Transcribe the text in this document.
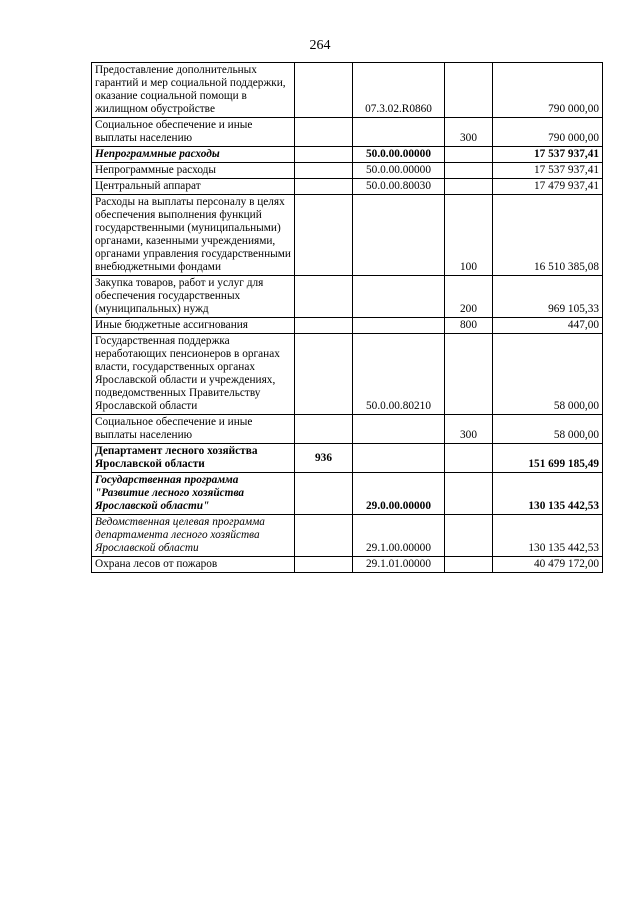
264
Предоставление дополнительных гарантий и мер социальной поддержки, оказание социальной помощи в жилищном обустройстве		07.3.02.R0860		790 000,00
Социальное обеспечение и иные выплаты населению			300	790 000,00
Непрограммные расходы		50.0.00.00000		17 537 937,41
Непрограммные расходы		50.0.00.00000		17 537 937,41
Центральный аппарат		50.0.00.80030		17 479 937,41
Расходы на выплаты персоналу в целях обеспечения выполнения функций государственными (муниципальными) органами, казенными учреждениями, органами управления государственными внебюджетными фондами			100	16 510 385,08
Закупка товаров, работ и услуг для обеспечения государственных (муниципальных) нужд			200	969 105,33
Иные бюджетные ассигнования			800	447,00
Государственная поддержка неработающих пенсионеров в органах власти, государственных органах Ярославской области и учреждениях, подведомственных Правительству Ярославской области		50.0.00.80210		58 000,00
Социальное обеспечение и иные выплаты населению			300	58 000,00
Департамент лесного хозяйства Ярославской области	936			151 699 185,49
Государственная программа "Развитие лесного хозяйства Ярославской области"		29.0.00.00000		130 135 442,53
Ведомственная целевая программа департамента лесного хозяйства Ярославской области		29.1.00.00000		130 135 442,53
Охрана лесов от пожаров		29.1.01.00000		40 479 172,00
